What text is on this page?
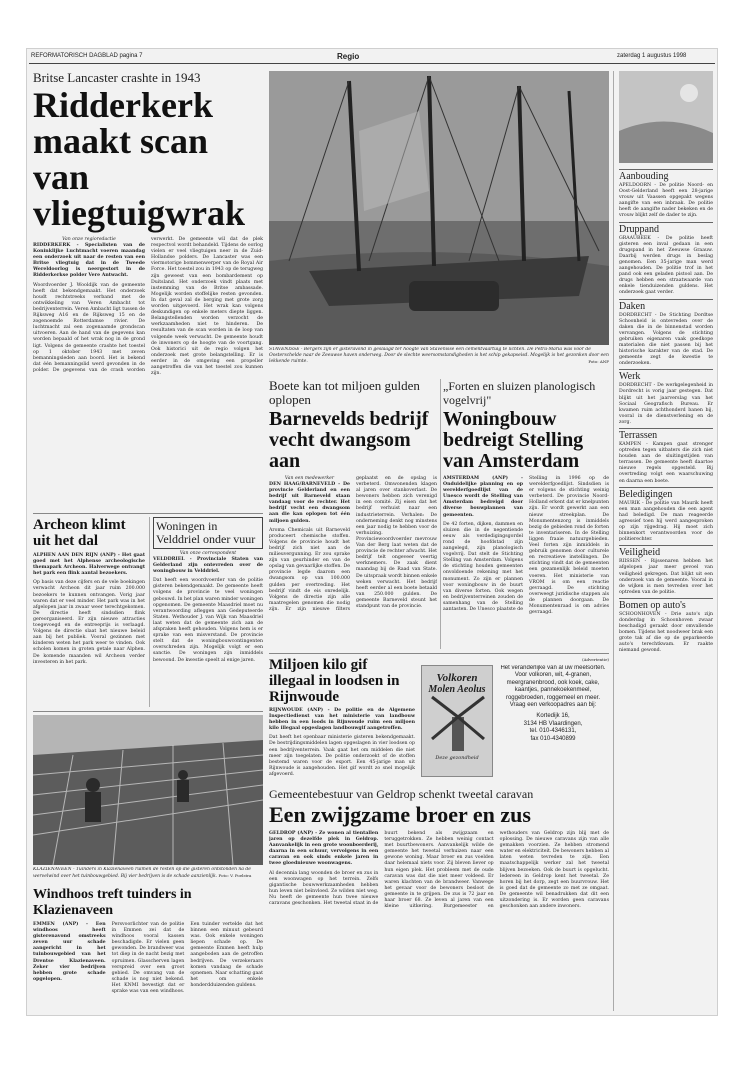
REFORMATORISCH DAGBLAD pagina 7	Regio	zaterdag 1 augustus 1998
Britse Lancaster crashte in 1943
Ridderkerk maakt scan van vliegtuigwrak
Van onze regioredactie
RIDDERKERK - Specialisten van de Koninklijke Luchtmacht voeren maandag een onderzoek uit naar de resten van een Britse vliegtuig dat in de Tweede Wereldoorlog is neergestort in de Ridderkerkse polder Vere Antwacht.
Woordvoerder J. Wooldijk van de gemeente heeft dat bekendgemaakt. Het onderzoek houdt rechtstreeks verband met de ontwikkeling van Veren Ambacht tot bedrijventerrein. Veren Ambacht ligt tussen de Rijksweg A16 en de Rijksweg 15 en de zogenoemde Rotterdamse rivier. De luchtmacht zal een zogenaamde grondscan uitvoeren. Aan de hand van de gegevens kan worden bepaald of het wrak nog in de grond ligt. Volgens de gemeente crashte het toestel op 1 oktober 1943 met zeven bemanningsleden aan boord. Het is bekend dat één bemanningslid werd gevonden in de polder. De gegevens van de crash worden verwerkt. De gemeente wil dat de plek respectvol wordt behandeld. Tijdens de oorlog vielen er veel vliegtuigen neer in de Zuid-Hollandse polders. De Lancaster was een viermotorige bommenwerper van de Royal Air Force. Het toestel zou in 1943 op de terugweg zijn geweest van een bombardement op Duitsland. Het onderzoek vindt plaats met instemming van de Britse ambassade. Mogelijk worden stoffelijke resten gevonden. In dat geval zal de berging met grote zorg worden uitgevoerd. Het wrak kan volgens deskundigen op enkele meters diepte liggen. Belangstellenden worden verzocht de werkzaamheden niet te hinderen. De resultaten van de scan worden in de loop van volgende week verwacht. De gemeente houdt de inwoners op de hoogte van de voortgang. Ook historici uit de regio volgen het onderzoek met grote belangstelling. Er is eerder in de omgeving een propeller aangetroffen die van het toestel zou kunnen zijn.
STAVENISSE - Bergers zijn er gisteravond in geslaagd ter hoogte van Stavenisse een cementvaartuig te lichten. De Petra-Maria was voor de Oosterschelde naar de Zeeuwse haven onderweg. Door de slechte weersomstandigheden is het schip gekapseisd. Mogelijk is het gezonken door een lekkende ruimte.	Foto: ANP
Archeon klimt uit het dal
ALPHEN AAN DEN RIJN (ANP) - Het gaat goed met het Alphense archeologische themapark Archeon. Halverwege ontvangt het park een flink aantal bezoekers.
Op basis van deze cijfers en de vele boekingen verwacht Archeon dit jaar ruim 200.000 bezoekers te kunnen ontvangen. Vorig jaar waren dat er veel minder. Het park was in het afgelopen jaar in zwaar weer terechtgekomen. De directie heeft sindsdien flink gereorganiseerd. Er zijn nieuwe attracties toegevoegd en de entreeprijs is verlaagd. Volgens de directie slaat het nieuwe beleid aan bij het publiek. Vooral gezinnen met kinderen weten het park weer te vinden. Ook scholen komen in groten getale naar Alphen. De komende maanden wil Archeon verder investeren in het park.
Woningen in Velddriel onder vuur
Van onze correspondent
VELDDRIEL - Provinciale Staten van Gelderland zijn ontevreden over de woningbouw in Velddriel.
Dat heeft een woordvoerder van de politie gisteren bekendgemaakt. De gemeente heeft volgens de provincie te veel woningen gebouwd. In het plan waren minder woningen opgenomen. De gemeente Maasdriel moet nu verantwoording afleggen aan Gedeputeerde Staten. Wethouder J. van Wijk van Maasdriel laat weten dat de gemeente zich aan de afspraken heeft gehouden. Volgens hem is er sprake van een misverstand. De provincie stelt dat de woningbouwcontingenten overschreden zijn. Mogelijk volgt er een sanctie. De woningen zijn inmiddels bewoond. De kwestie speelt al enige jaren.
Boete kan tot miljoen gulden oplopen
Barnevelds bedrijf vecht dwangsom aan
Van een medewerker
DEN HAAG/BARNEVELD - De provincie Gelderland en een bedrijf uit Barneveld staan vandaag voor de rechter. Het bedrijf vecht een dwangsom aan die kan oplopen tot één miljoen gulden.
Aroma Chemicals uit Barneveld produceert chemische stoffen. Volgens de provincie houdt het bedrijf zich niet aan de milieuvergunning. Er zou sprake zijn van geurhinder en van de opslag van gevaarlijke stoffen. De provincie legde daarom een dwangsom op van 100.000 gulden per overtreding. Het bedrijf vindt de eis onredelijk. Volgens de directie zijn alle maatregelen genomen die nodig zijn. Er zijn nieuwe filters geplaatst en de opslag is verbeterd. Omwonenden klagen al jaren over stankoverlast. De bewoners hebben zich verenigd in een comité. Zij eisen dat het bedrijf verhuist naar een industrieterrein. Verhalen: De onderneming denkt nog minstens een jaar nodig te hebben voor de verhuizing. Provinciewoordvoerder mevrouw Van der Berg laat weten dat de provincie de rechter afwacht. Het bedrijf telt ongeveer veertig werknemers. De zaak dient maandag bij de Raad van State. De uitspraak wordt binnen enkele weken verwacht. Het bedrijf heeft eerder al een boete betaald van 250.000 gulden. De gemeente Barneveld steunt het standpunt van de provincie.
„Forten en sluizen planologisch vogelvrij"
Woningbouw bedreigt Stelling van Amsterdam
AMSTERDAM (ANP) - Onduidelijke planning en op werelderfgoedlijst van de Unesco wordt de Stelling van Amsterdam bedreigd door diverse bouwplannen van gemeenten.
De 42 forten, dijken, dammen en sluizen die in de negentiende eeuw als verdedigingsgordel rond de hoofdstad zijn aangelegd, zijn planologisch vogelvrij. Dat stelt de Stichting Stelling van Amsterdam. Volgens de stichting houden gemeenten onvoldoende rekening met het monument. Zo zijn er plannen voor woningbouw in de buurt van diverse forten. Ook wegen en bedrijventerreinen zouden de samenhang van de Stelling aantasten. De Unesco plaatste de Stelling in 1996 op de werelderfgoedlijst. Sindsdien is er volgens de stichting weinig verbeterd. De provincie Noord-Holland erkent dat er knelpunten zijn. Er wordt gewerkt aan een nieuw streekplan. De Monumentenzorg is inmiddels bezig de gebieden rond de forten te inventariseren. In de Stelling liggen fraaie natuurgebieden. Veel forten zijn inmiddels in gebruik genomen door culturele en recreatieve instellingen. De stichting vindt dat de gemeenten een gezamenlijk beleid moeten voeren. Het ministerie van VROM is om een reactie gevraagd. De stichting overweegt juridische stappen als de plannen doorgaan. De Monumentenraad is om advies gevraagd.
Miljoen kilo gif illegaal in loodsen in Rijnwoude
RIJNWOUDE (ANP) - De politie en de Algemene Inspectiedienst van het ministerie van landbouw hebben in een loods in Rijnwoude ruim een miljoen kilo illegaal opgeslagen landbouwgif aangetroffen.
Dat heeft het openbaar ministerie gisteren bekendgemaakt. De bestrijdingsmiddelen lagen opgeslagen in vier loodsen op een bedrijventerrein. Vaak gaat het om middelen die niet meer zijn toegelaten. De politie onderzoekt of de stoffen bestemd waren voor de export. Een 45-jarige man uit Rijnwoude is aangehouden. Het gif wordt zo snel mogelijk afgevoerd.
(Advertentie)
Volkoren
Molen Aeolus
Deze gezondheid
Het veranderlijke van al uw meelsorten. Voor volkoren, wit, 4-granen, meergranenbrood, ook koek, cake, kaantjes, pannekoekenmeel, roggebroeden, roggemeel en meer. Vraag een verkoopadres aan bij:
Kortedijk 16,
3134 HB Vlaardingen,
tel. 010-4346131,
fax 010-4340899
KLAZIENAVEEN - Tuinders in Klazienaveen ruimen de resten op die gisteren ontstonden na de wervelwind over het tuinbouwgebied. Bij vier bedrijven is de schade aanzienlijk. Foto: V. Poelstra
Gemeentebestuur van Geldrop schenkt tweetal caravan
Een zwijgzame broer en zus
GELDROP (ANP) - Ze wonen al tientallen jaren op dezelfde plek in Geldrop. Aanvankelijk in een grote woonboerderij, daarna in een schuur, vervolgens in een caravan en ook sinds enkele jaren in twee gloednieuwe woonwagens.
Al decennia lang woonden de broer en zus in een woonwagen op het terrein. Zelfs gigantische bouwwerkzaamheden hebben hun leven niet beïnvloed. Ze wilden niet weg. Nu heeft de gemeente hun twee nieuwe caravans geschonken. Het tweetal staat in de buurt bekend als zwijgzaam en teruggetrokken. Ze hebben weinig contact met buurtbewoners. Aanvankelijk wilde de gemeente het tweetal verhuizen naar een gewone woning. Maar broer en zus voelden daar helemaal niets voor. Zij bleven liever op hun eigen plek. Het probleem met de oude caravan was dat die niet meer voldeed. Er waren klachten van de brandweer. Vanwege het gevaar voor de bewoners besloot de gemeente in te grijpen. De zus is 72 jaar en haar broer 68. Ze leven al jaren van een kleine uitkering. Burgemeester en wethouders van Geldrop zijn blij met de oplossing. De nieuwe caravans zijn van alle gemakken voorzien. Ze hebben stromend water en elektriciteit. De bewoners hebben al laten weten tevreden te zijn. Een maatschappelijk werker zal het tweetal blijven bezoeken. Ook de buurt is opgelucht. Iedereen in Geldrop kent het tweetal. Ze horen bij het dorp, zegt een buurvrouw. Het is goed dat de gemeente zo met ze omgaat. De gemeente wil benadrukken dat dit een uitzondering is. Er worden geen caravans geschonken aan andere inwoners.
Windhoos treft tuinders in Klazienaveen
EMMEN (ANP) - Een windhoos heeft gisterenavond omstreeks zeven uur schade aangericht in het tuinbouwgebied van het Drentse Klazienaveen. Zeker vier bedrijven hebben grote schade opgelopen.
Persvoorlichter van de politie in Emmen zei dat de windhoos vooral kassen beschadigde. Er vielen geen gewonden. De brandweer was tot diep in de nacht bezig met opruimen. Glasscherven lagen verspreid over een groot gebied. De omvang van de schade is nog niet bekend. Het KNMI bevestigt dat er sprake was van een windhoos. Een tuinder vertelde dat het binnen een minuut gebeurd was. Ook enkele woningen liepen schade op. De gemeente Emmen heeft hulp aangeboden aan de getroffen bedrijven. De verzekeraars komen vandaag de schade opnemen. Naar schatting gaat het om enkele honderdduizenden guldens.
Aanbouding
APELDOORN - De politie Noord- en Oost-Gelderland heeft een 28-jarige vrouw uit Vaassen opgepakt wegens aangifte van een inbraak. De politie heeft de aangifte nader bekeken en de vrouw blijkt zelf de dader te zijn.
Druppand
GRAAUBEEK - De politie heeft gisteren een inval gedaan in een drugspand in het Zeeuwse Graauw. Daarbij werden drugs in beslag genomen. Een 35-jarige man werd aangehouden. De politie trof in het pand ook een geladen pistool aan. De drugs hebben een straatwaarde van enkele tienduizenden guldens. Het onderzoek gaat verder.
Daken
DORDRECHT - De Stichting Dordtse Schoonheid is ontevreden over de daken die in de binnenstad worden vervangen. Volgens de stichting gebruiken eigenaren vaak goedkope materialen die niet passen bij het historische karakter van de stad. De gemeente zegt de kwestie te onderzoeken.
Werk
DORDRECHT - De werkgelegenheid in Dordrecht is vorig jaar gestegen. Dat blijkt uit het jaarverslag van het Sociaal Geografisch Bureau. Er kwamen ruim achthonderd banen bij, vooral in de dienstverlening en de zorg.
Terrassen
KAMPEN - Kampen gaat strenger optreden tegen uitbaters die zich niet houden aan de sluitingstijden van terrassen. De gemeente heeft daartoe nieuwe regels opgesteld. Bij overtreding volgt een waarschuwing en daarna een boete.
Beledigingen
MAURIK - De politie van Maurik heeft een man aangehouden die een agent had beledigd. De man reageerde agressief toen hij werd aangesproken op zijn rijgedrag. Hij moet zich binnenkort verantwoorden voor de politierechter.
Veiligheid
RIISSEN - Rijssenaren hebben het afgelopen jaar meer gevoel van veiligheid gekregen. Dat blijkt uit een onderzoek van de gemeente. Vooral in de wijken is men tevreden over het optreden van de politie.
Bomen op auto's
SCHOONHOVEN - Drie auto's zijn donderdag in Schoonhoven zwaar beschadigd geraakt door omvallende bomen. Tijdens het noodweer brak een grote tak af die op de geparkeerde auto's terechtkwam. Er raakte niemand gewond.
